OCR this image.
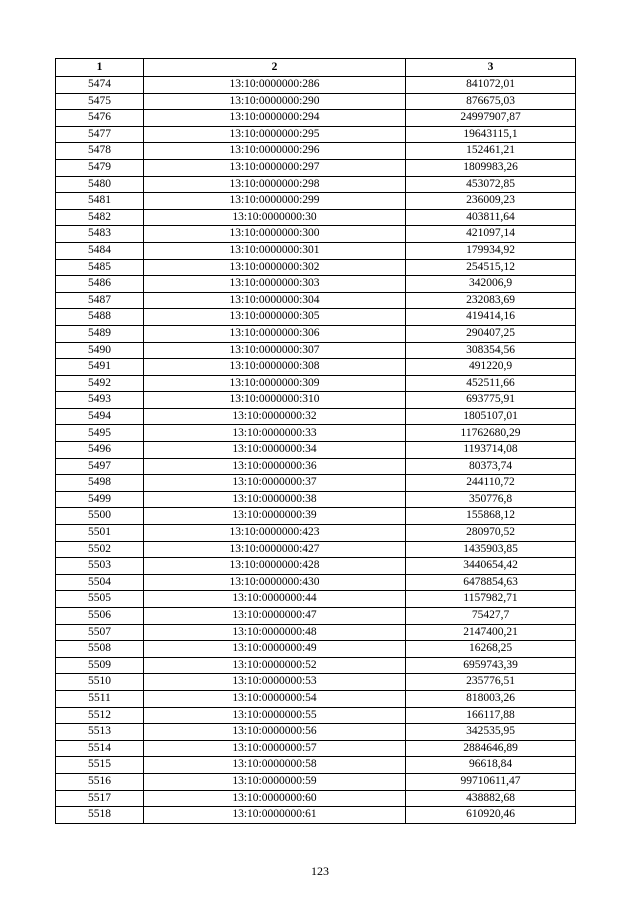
1	2	3
5474	13:10:0000000:286	841072,01
5475	13:10:0000000:290	876675,03
5476	13:10:0000000:294	24997907,87
5477	13:10:0000000:295	19643115,1
5478	13:10:0000000:296	152461,21
5479	13:10:0000000:297	1809983,26
5480	13:10:0000000:298	453072,85
5481	13:10:0000000:299	236009,23
5482	13:10:0000000:30	403811,64
5483	13:10:0000000:300	421097,14
5484	13:10:0000000:301	179934,92
5485	13:10:0000000:302	254515,12
5486	13:10:0000000:303	342006,9
5487	13:10:0000000:304	232083,69
5488	13:10:0000000:305	419414,16
5489	13:10:0000000:306	290407,25
5490	13:10:0000000:307	308354,56
5491	13:10:0000000:308	491220,9
5492	13:10:0000000:309	452511,66
5493	13:10:0000000:310	693775,91
5494	13:10:0000000:32	1805107,01
5495	13:10:0000000:33	11762680,29
5496	13:10:0000000:34	1193714,08
5497	13:10:0000000:36	80373,74
5498	13:10:0000000:37	244110,72
5499	13:10:0000000:38	350776,8
5500	13:10:0000000:39	155868,12
5501	13:10:0000000:423	280970,52
5502	13:10:0000000:427	1435903,85
5503	13:10:0000000:428	3440654,42
5504	13:10:0000000:430	6478854,63
5505	13:10:0000000:44	1157982,71
5506	13:10:0000000:47	75427,7
5507	13:10:0000000:48	2147400,21
5508	13:10:0000000:49	16268,25
5509	13:10:0000000:52	6959743,39
5510	13:10:0000000:53	235776,51
5511	13:10:0000000:54	818003,26
5512	13:10:0000000:55	166117,88
5513	13:10:0000000:56	342535,95
5514	13:10:0000000:57	2884646,89
5515	13:10:0000000:58	96618,84
5516	13:10:0000000:59	99710611,47
5517	13:10:0000000:60	438882,68
5518	13:10:0000000:61	610920,46
123
